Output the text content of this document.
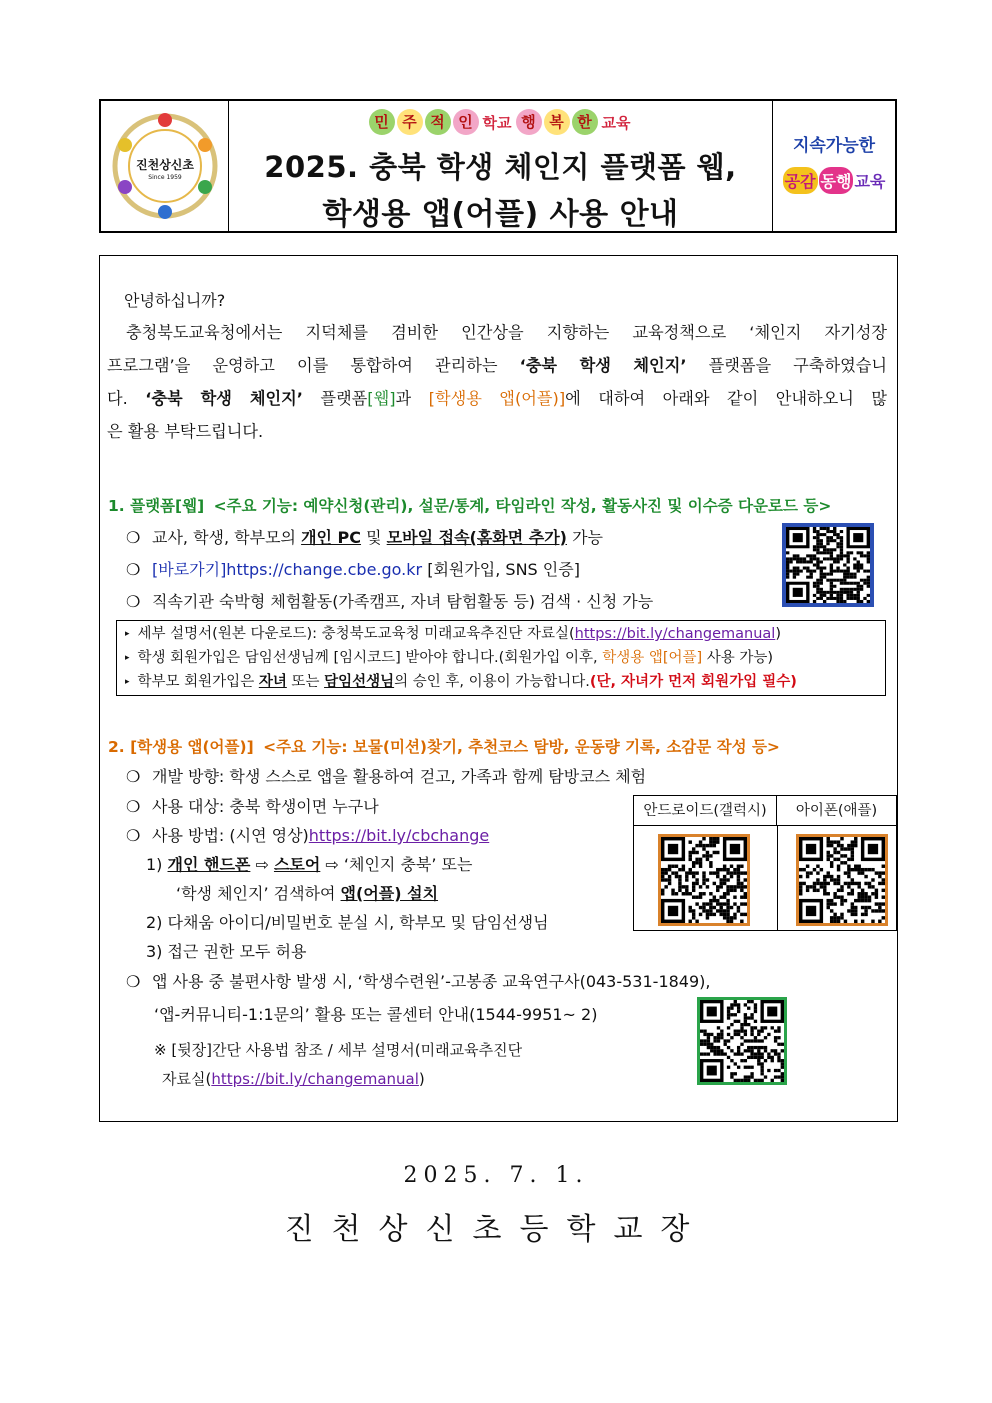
진천상신초
Since 1959
민 주 적 인 학교 행 복 한 교육
2025. 충북 학생 체인지 플랫폼 웹,
학생용 앱(어플) 사용 안내
지속가능한
공감 동행 교육
안녕하십니까?
충청북도교육청에서는 지덕체를 겸비한 인간상을 지향하는 교육정책으로 ‘체인지 자기성장
프로그램’을 운영하고 이를 통합하여 관리하는 ‘충북 학생 체인지’ 플랫폼을 구축하였습니
다. ‘충북 학생 체인지’ 플랫폼[웹]과 [학생용 앱(어플)]에 대하여 아래와 같이 안내하오니 많
은 활용 부탁드립니다.
1. 플랫폼[웹] <주요 기능: 예약신청(관리), 설문/통계, 타임라인 작성, 활동사진 및 이수증 다운로드 등>
❍ 교사, 학생, 학부모의 개인 PC 및 모바일 접속(홈화면 추가) 가능
❍ [바로가기]https://change.cbe.go.kr [회원가입, SNS 인증]
❍ 직속기관 숙박형 체험활동(가족캠프, 자녀 탐험활동 등) 검색 · 신청 가능
▸ 세부 설명서(원본 다운로드): 충청북도교육청 미래교육추진단 자료실(https://bit.ly/changemanual)
▸ 학생 회원가입은 담임선생님께 [임시코드] 받아야 합니다.(회원가입 이후, 학생용 앱[어플] 사용 가능)
▸ 학부모 회원가입은 자녀 또는 담임선생님의 승인 후, 이용이 가능합니다.(단, 자녀가 먼저 회원가입 필수)
2. [학생용 앱(어플)] <주요 기능: 보물(미션)찾기, 추천코스 탐방, 운동량 기록, 소감문 작성 등>
❍ 개발 방향: 학생 스스로 앱을 활용하여 걷고, 가족과 함께 탐방코스 체험
❍ 사용 대상: 충북 학생이면 누구나
❍ 사용 방법: (시연 영상)https://bit.ly/cbchange
1) 개인 핸드폰 ⇨ 스토어 ⇨ ‘체인지 충북’ 또는
‘학생 체인지’ 검색하여 앱(어플) 설치
2) 다채움 아이디/비밀번호 분실 시, 학부모 및 담임선생님
3) 접근 권한 모두 허용
❍ 앱 사용 중 불편사항 발생 시, ‘학생수련원’-고봉종 교육연구사(043-531-1849),
‘앱-커뮤니티-1:1문의’ 활용 또는 콜센터 안내(1544-9951~ 2)
※ [뒷장]간단 사용법 참조 / 세부 설명서(미래교육추진단
자료실(https://bit.ly/changemanual)
안드로이드(갤럭시)	아이폰(애플)
2025. 7. 1.
진천상신초등학교장
